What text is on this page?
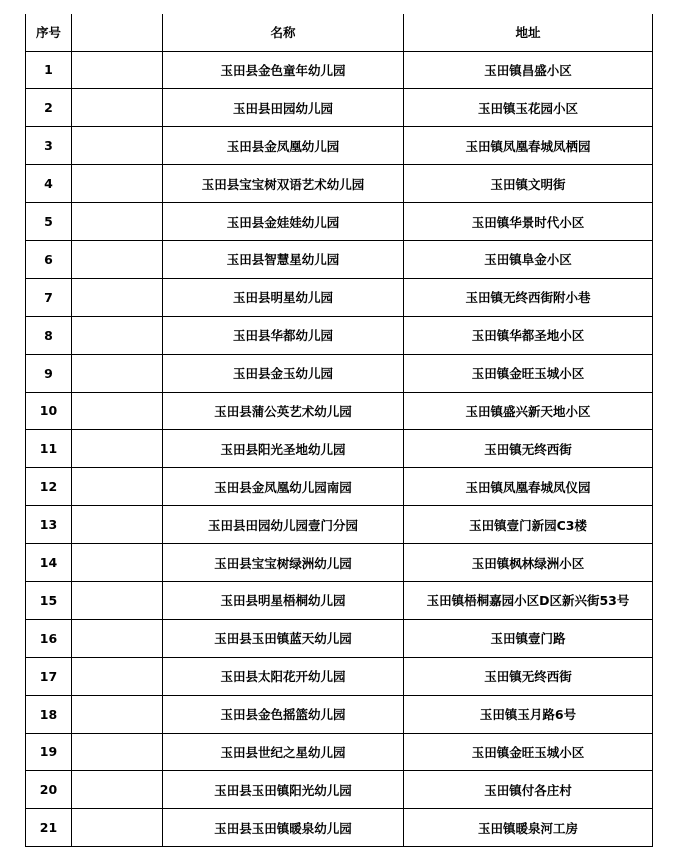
序号		名称	地址
1		玉田县金色童年幼儿园	玉田镇昌盛小区
2		玉田县田园幼儿园	玉田镇玉花园小区
3		玉田县金凤凰幼儿园	玉田镇凤凰春城凤栖园
4		玉田县宝宝树双语艺术幼儿园	玉田镇文明街
5		玉田县金娃娃幼儿园	玉田镇华景时代小区
6		玉田县智慧星幼儿园	玉田镇阜金小区
7		玉田县明星幼儿园	玉田镇无终西街附小巷
8		玉田县华都幼儿园	玉田镇华都圣地小区
9		玉田县金玉幼儿园	玉田镇金旺玉城小区
10		玉田县蒲公英艺术幼儿园	玉田镇盛兴新天地小区
11		玉田县阳光圣地幼儿园	玉田镇无终西街
12		玉田县金凤凰幼儿园南园	玉田镇凤凰春城凤仪园
13		玉田县田园幼儿园壹门分园	玉田镇壹门新园C3楼
14		玉田县宝宝树绿洲幼儿园	玉田镇枫林绿洲小区
15		玉田县明星梧桐幼儿园	玉田镇梧桐嘉园小区D区新兴街53号
16		玉田县玉田镇蓝天幼儿园	玉田镇壹门路
17		玉田县太阳花开幼儿园	玉田镇无终西街
18		玉田县金色摇篮幼儿园	玉田镇玉月路6号
19		玉田县世纪之星幼儿园	玉田镇金旺玉城小区
20		玉田县玉田镇阳光幼儿园	玉田镇付各庄村
21		玉田县玉田镇暖泉幼儿园	玉田镇暖泉河工房
